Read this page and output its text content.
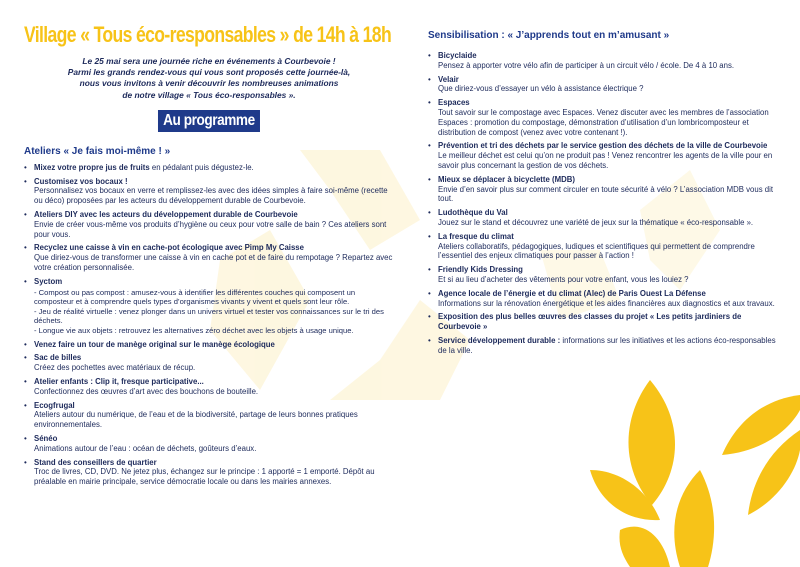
Village « Tous éco-responsables » de 14h à 18h
Le 25 mai sera une journée riche en événements à Courbevoie !
Parmi les grands rendez-vous qui vous sont proposés cette journée-là,
nous vous invitons à venir découvrir les nombreuses animations
de notre village « Tous éco-responsables ».
Au programme
Ateliers « Je fais moi-même ! »
• Mixez votre propre jus de fruits en pédalant puis dégustez-le.
• Customisez vos bocaux !
Personnalisez vos bocaux en verre et remplissez-les avec des idées simples à faire soi-même (recette ou déco) proposées par les acteurs du développement durable de Courbevoie.
• Ateliers DIY avec les acteurs du développement durable de Courbevoie
Envie de créer vous-même vos produits d’hygiène ou ceux pour votre salle de bain ? Ces ateliers sont pour vous.
• Recyclez une caisse à vin en cache-pot écologique avec Pimp My Caisse
Que diriez-vous de transformer une caisse à vin en cache pot et de faire du rempotage ? Repartez avec votre création personnalisée.
• Syctom
- Compost ou pas compost : amusez-vous à identifier les différentes couches qui composent un composteur et à comprendre quels types d’organismes vivants y vivent et quels sont leur rôle.
- Jeu de réalité virtuelle : venez plonger dans un univers virtuel et tester vos connaissances sur le tri des déchets.
- Longue vie aux objets : retrouvez les alternatives zéro déchet avec les objets à usage unique.
• Venez faire un tour de manège original sur le manège écologique
• Sac de billes
Créez des pochettes avec matériaux de récup.
• Atelier enfants : Clip it, fresque participative...
Confectionnez des œuvres d’art avec des bouchons de bouteille.
• Ecogfrugal
Ateliers autour du numérique, de l’eau et de la biodiversité, partage de leurs bonnes pratiques environnementales.
• Sénéo
Animations autour de l’eau : océan de déchets, goûteurs d’eaux.
• Stand des conseillers de quartier
Troc de livres, CD, DVD. Ne jetez plus, échangez sur le principe : 1 apporté = 1 emporté. Dépôt au préalable en mairie principale, service démocratie locale ou dans les mairies annexes.
Sensibilisation : « J’apprends tout en m’amusant »
• Bicyclaide
Pensez à apporter votre vélo afin de participer à un circuit vélo / école. De 4 à 10 ans.
• Velair
Que diriez-vous d’essayer un vélo à assistance électrique ?
• Espaces
Tout savoir sur le compostage avec Espaces. Venez discuter avec les membres de l’association Espaces : promotion du compostage, démonstration d’utilisation d’un lombricomposteur et distribution de compost (venez avec votre contenant !).
• Prévention et tri des déchets par le service gestion des déchets de la ville de Courbevoie
Le meilleur déchet est celui qu’on ne produit pas ! Venez rencontrer les agents de la ville pour en savoir plus concernant la gestion de vos déchets.
• Mieux se déplacer à bicyclette (MDB)
Envie d’en savoir plus sur comment circuler en toute sécurité à vélo ? L’association MDB vous dit tout.
• Ludothèque du Val
Jouez sur le stand et découvrez une variété de jeux sur la thématique « éco-responsable ».
• La fresque du climat
Ateliers collaboratifs, pédagogiques, ludiques et scientifiques qui permettent de comprendre l’essentiel des enjeux climatiques pour passer à l’action !
• Friendly Kids Dressing
Et si au lieu d’acheter des vêtements pour votre enfant, vous les louiez ?
• Agence locale de l’énergie et du climat (Alec) de Paris Ouest La Défense
Informations sur la rénovation énergétique et les aides financières aux diagnostics et aux travaux.
• Exposition des plus belles œuvres des classes du projet « Les petits jardiniers de Courbevoie »
• Service développement durable : informations sur les initiatives et les actions éco-responsables de la ville.
